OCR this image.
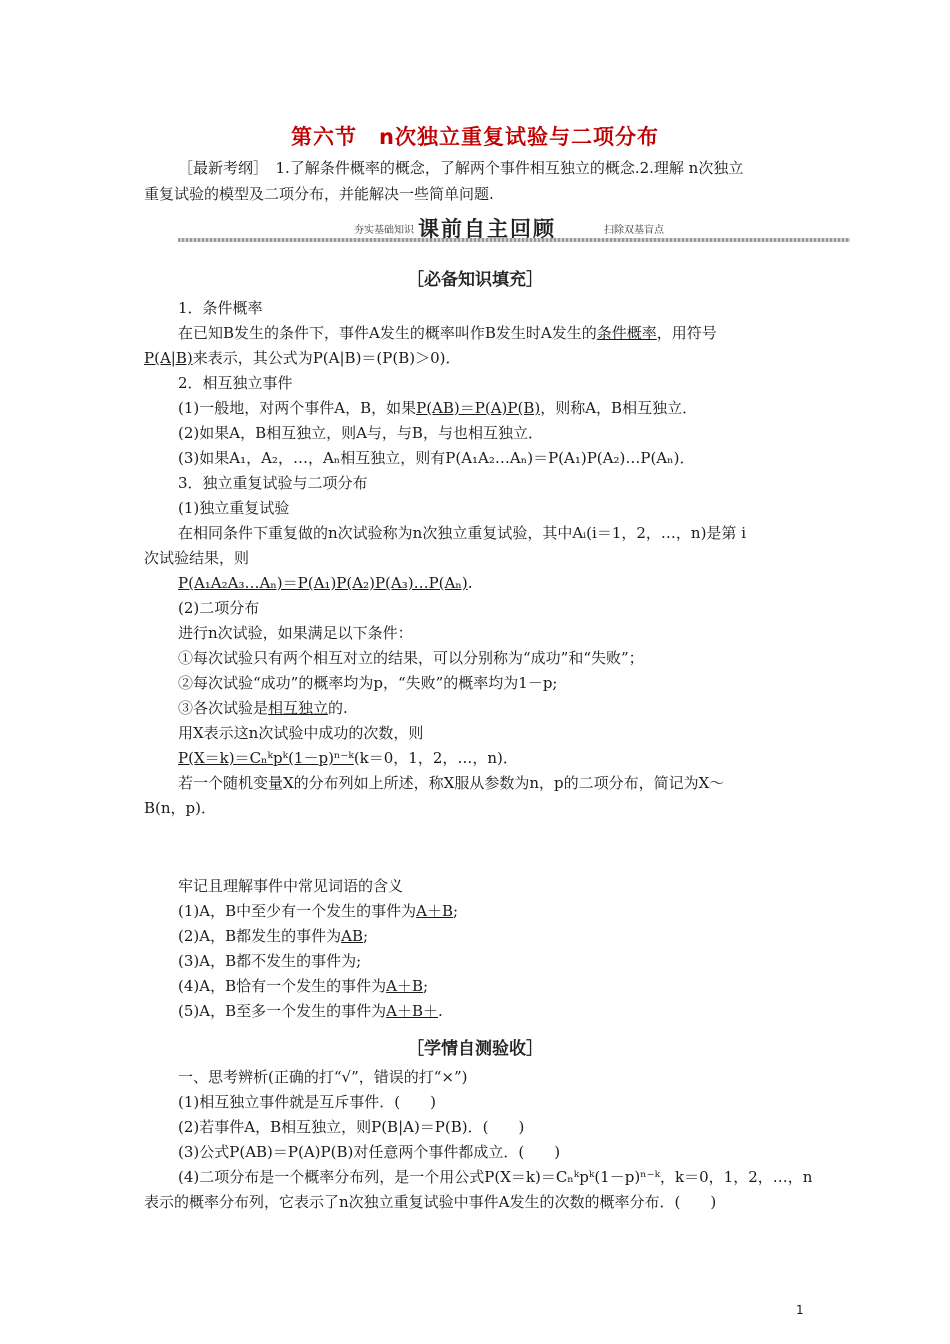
第六节　n次独立重复试验与二项分布
［最新考纲］　1.了解条件概率的概念，了解两个事件相互独立的概念.2.理解 n次独立
重复试验的模型及二项分布，并能解决一些简单问题.
夯实基础知识 课前自主回顾	扫除双基盲点
［必备知识填充］
1．条件概率
在已知B发生的条件下，事件A发生的概率叫作B发生时A发生的条件概率，用符号
P(A|B)来表示，其公式为P(A|B)＝(P(B)＞0)．
2．相互独立事件
(1)一般地，对两个事件A，B，如果P(AB)＝P(A)P(B)，则称A，B相互独立．
(2)如果A，B相互独立，则A与，与B，与也相互独立．
(3)如果A₁，A₂，…，Aₙ相互独立，则有P(A₁A₂…Aₙ)＝P(A₁)P(A₂)…P(Aₙ)．
3．独立重复试验与二项分布
(1)独立重复试验
在相同条件下重复做的n次试验称为n次独立重复试验，其中Aᵢ(i＝1，2，…，n)是第 i
次试验结果，则
P(A₁A₂A₃…Aₙ)＝P(A₁)P(A₂)P(A₃)…P(Aₙ).
(2)二项分布
进行n次试验，如果满足以下条件：
①每次试验只有两个相互对立的结果，可以分别称为“成功”和“失败”；
②每次试验“成功”的概率均为p，“失败”的概率均为1－p;
③各次试验是相互独立的.
用X表示这n次试验中成功的次数，则
P(X＝k)＝Cₙᵏpᵏ(1－p)ⁿ⁻ᵏ(k＝0，1，2，…，n)．
若一个随机变量X的分布列如上所述，称X服从参数为n，p的二项分布，简记为X～
B(n，p)．
牢记且理解事件中常见词语的含义
(1)A，B中至少有一个发生的事件为A＋B;
(2)A，B都发生的事件为AB;
(3)A，B都不发生的事件为;
(4)A，B恰有一个发生的事件为A＋B;
(5)A，B至多一个发生的事件为A＋B＋.
［学情自测验收］
一、思考辨析(正确的打“√”，错误的打“×”)
(1)相互独立事件就是互斥事件．(　　)
(2)若事件A，B相互独立，则P(B|A)＝P(B)．(　　)
(3)公式P(AB)＝P(A)P(B)对任意两个事件都成立．(　　)
(4)二项分布是一个概率分布列，是一个用公式P(X＝k)＝Cₙᵏpᵏ(1－p)ⁿ⁻ᵏ，k＝0，1，2，…，n
表示的概率分布列，它表示了n次独立重复试验中事件A发生的次数的概率分布．(　　)
1
